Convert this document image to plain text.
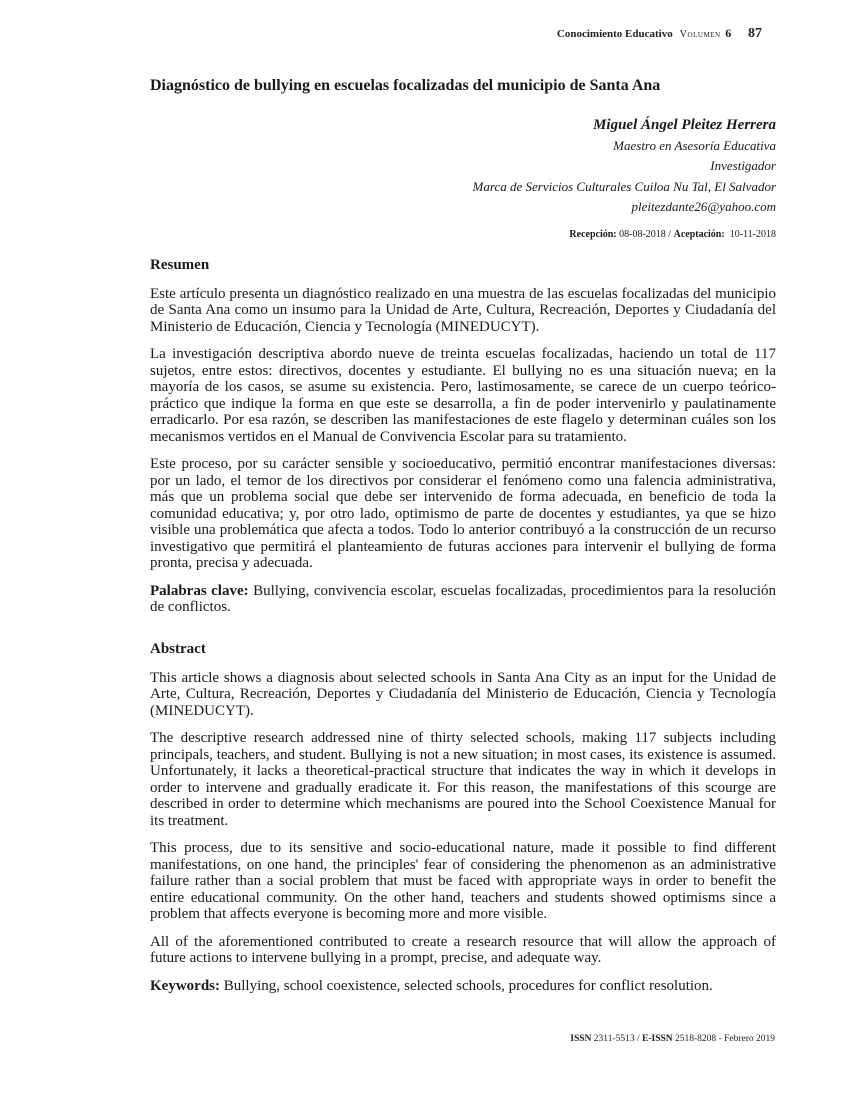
Conocimiento Educativo Volumen 6 87
Diagnóstico de bullying en escuelas focalizadas del municipio de Santa Ana
Miguel Ángel Pleitez Herrera
Maestro en Asesoría Educativa
Investigador
Marca de Servicios Culturales Cuiloa Nu Tal, El Salvador
pleitezdante26@yahoo.com
Recepción: 08-08-2018 / Aceptación: 10-11-2018
Resumen

Este artículo presenta un diagnóstico realizado en una muestra de las escuelas focalizadas del municipio de Santa Ana como un insumo para la Unidad de Arte, Cultura, Recreación, Deportes y Ciudadanía del Ministerio de Educación, Ciencia y Tecnología (MINEDUCYT).

La investigación descriptiva abordo nueve de treinta escuelas focalizadas, haciendo un total de 117 sujetos, entre estos: directivos, docentes y estudiante. El bullying no es una situación nueva; en la mayoría de los casos, se asume su existencia. Pero, lastimosamente, se carece de un cuerpo teórico-práctico que indique la forma en que este se desarrolla, a fin de poder intervenirlo y paulatinamente erradicarlo. Por esa razón, se describen las manifestaciones de este flagelo y determinan cuáles son los mecanismos vertidos en el Manual de Convivencia Escolar para su tratamiento.

Este proceso, por su carácter sensible y socioeducativo, permitió encontrar manifestaciones diversas: por un lado, el temor de los directivos por considerar el fenómeno como una falencia administrativa, más que un problema social que debe ser intervenido de forma adecuada, en beneficio de toda la comunidad educativa; y, por otro lado, optimismo de parte de docentes y estudiantes, ya que se hizo visible una problemática que afecta a todos. Todo lo anterior contribuyó a la construcción de un recurso investigativo que permitirá el planteamiento de futuras acciones para intervenir el bullying de forma pronta, precisa y adecuada.

Palabras clave: Bullying, convivencia escolar, escuelas focalizadas, procedimientos para la resolución de conflictos.

Abstract

This article shows a diagnosis about selected schools in Santa Ana City as an input for the Unidad de Arte, Cultura, Recreación, Deportes y Ciudadanía del Ministerio de Educación, Ciencia y Tecnología (MINEDUCYT).

The descriptive research addressed nine of thirty selected schools, making 117 subjects including principals, teachers, and student. Bullying is not a new situation; in most cases, its existence is assumed. Unfortunately, it lacks a theoretical-practical structure that indicates the way in which it develops in order to intervene and gradually eradicate it. For this reason, the manifestations of this scourge are described in order to determine which mechanisms are poured into the School Coexistence Manual for its treatment.

This process, due to its sensitive and socio-educational nature, made it possible to find different manifestations, on one hand, the principles' fear of considering the phenomenon as an administrative failure rather than a social problem that must be faced with appropriate ways in order to benefit the entire educational community. On the other hand, teachers and students showed optimisms since a problem that affects everyone is becoming more and more visible.

All of the aforementioned contributed to create a research resource that will allow the approach of future actions to intervene bullying in a prompt, precise, and adequate way.

Keywords: Bullying, school coexistence, selected schools, procedures for conflict resolution.

ISSN 2311-5513 / E-ISSN 2518-8208 - Febrero 2019
